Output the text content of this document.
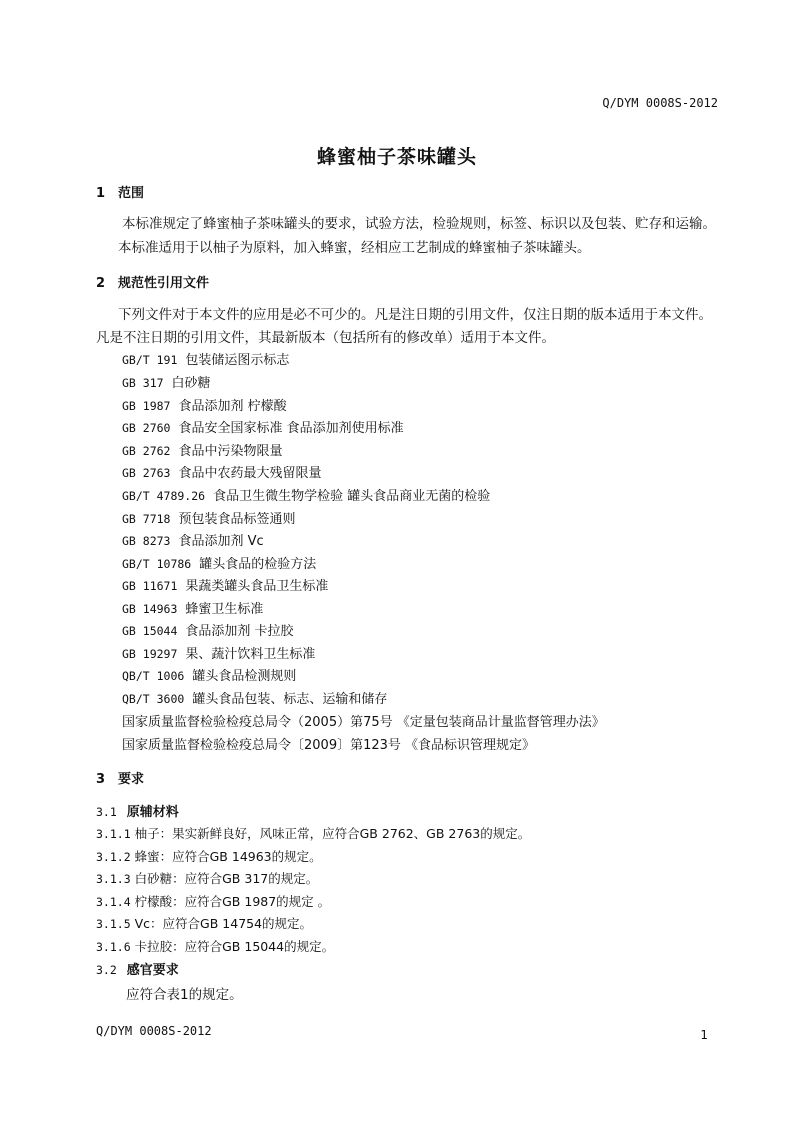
Q/DYM 0008S-2012
蜂蜜柚子茶味罐头
1 范围
本标准规定了蜂蜜柚子茶味罐头的要求，试验方法，检验规则，标签、标识以及包装、贮存和运输。
本标准适用于以柚子为原料，加入蜂蜜，经相应工艺制成的蜂蜜柚子茶味罐头。
2 规范性引用文件
下列文件对于本文件的应用是必不可少的。凡是注日期的引用文件，仅注日期的版本适用于本文件。
凡是不注日期的引用文件，其最新版本（包括所有的修改单）适用于本文件。
GB/T 191 包装储运图示标志
GB 317 白砂糖
GB 1987 食品添加剂 柠檬酸
GB 2760 食品安全国家标准 食品添加剂使用标准
GB 2762 食品中污染物限量
GB 2763 食品中农药最大残留限量
GB/T 4789.26 食品卫生微生物学检验 罐头食品商业无菌的检验
GB 7718 预包装食品标签通则
GB 8273 食品添加剂 Vc
GB/T 10786 罐头食品的检验方法
GB 11671 果蔬类罐头食品卫生标准
GB 14963 蜂蜜卫生标准
GB 15044 食品添加剂 卡拉胶
GB 19297 果、蔬汁饮料卫生标准
QB/T 1006 罐头食品检测规则
QB/T 3600 罐头食品包装、标志、运输和储存
国家质量监督检验检疫总局令（2005）第75号 《定量包装商品计量监督管理办法》
国家质量监督检验检疫总局令〔2009〕第123号 《食品标识管理规定》
3 要求
3.1 原辅材料
3.1.1 柚子：果实新鲜良好，风味正常，应符合GB 2762、GB 2763的规定。
3.1.2 蜂蜜：应符合GB 14963的规定。
3.1.3 白砂糖：应符合GB 317的规定。
3.1.4 柠檬酸：应符合GB 1987的规定 。
3.1.5 Vc：应符合GB 14754的规定。
3.1.6 卡拉胶：应符合GB 15044的规定。
3.2 感官要求
应符合表1的规定。
Q/DYM 0008S-2012	1
